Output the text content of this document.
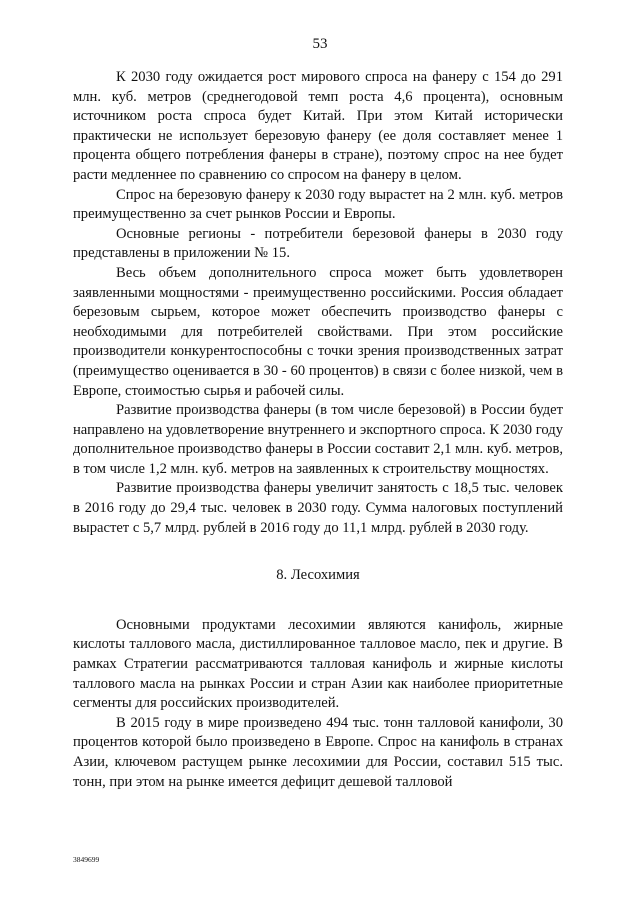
53

К 2030 году ожидается рост мирового спроса на фанеру с 154 до 291 млн. куб. метров (среднегодовой темп роста 4,6 процента), основным источником роста спроса будет Китай. При этом Китай исторически практически не использует березовую фанеру (ее доля составляет менее 1 процента общего потребления фанеры в стране), поэтому спрос на нее будет расти медленнее по сравнению со спросом на фанеру в целом.

Спрос на березовую фанеру к 2030 году вырастет на 2 млн. куб. метров преимущественно за счет рынков России и Европы.

Основные регионы - потребители березовой фанеры в 2030 году представлены в приложении № 15.

Весь объем дополнительного спроса может быть удовлетворен заявленными мощностями - преимущественно российскими. Россия обладает березовым сырьем, которое может обеспечить производство фанеры с необходимыми для потребителей свойствами. При этом российские производители конкурентоспособны с точки зрения производственных затрат (преимущество оценивается в 30 - 60 процентов) в связи с более низкой, чем в Европе, стоимостью сырья и рабочей силы.

Развитие производства фанеры (в том числе березовой) в России будет направлено на удовлетворение внутреннего и экспортного спроса. К 2030 году дополнительное производство фанеры в России составит 2,1 млн. куб. метров, в том числе 1,2 млн. куб. метров на заявленных к строительству мощностях.

Развитие производства фанеры увеличит занятость с 18,5 тыс. человек в 2016 году до 29,4 тыс. человек в 2030 году. Сумма налоговых поступлений вырастет с 5,7 млрд. рублей в 2016 году до 11,1 млрд. рублей в 2030 году.

8. Лесохимия

Основными продуктами лесохимии являются канифоль, жирные кислоты таллового масла, дистиллированное талловое масло, пек и другие. В рамках Стратегии рассматриваются талловая канифоль и жирные кислоты таллового масла на рынках России и стран Азии как наиболее приоритетные сегменты для российских производителей.

В 2015 году в мире произведено 494 тыс. тонн талловой канифоли, 30 процентов которой было произведено в Европе. Спрос на канифоль в странах Азии, ключевом растущем рынке лесохимии для России, составил 515 тыс. тонн, при этом на рынке имеется дефицит дешевой талловой

3849699
